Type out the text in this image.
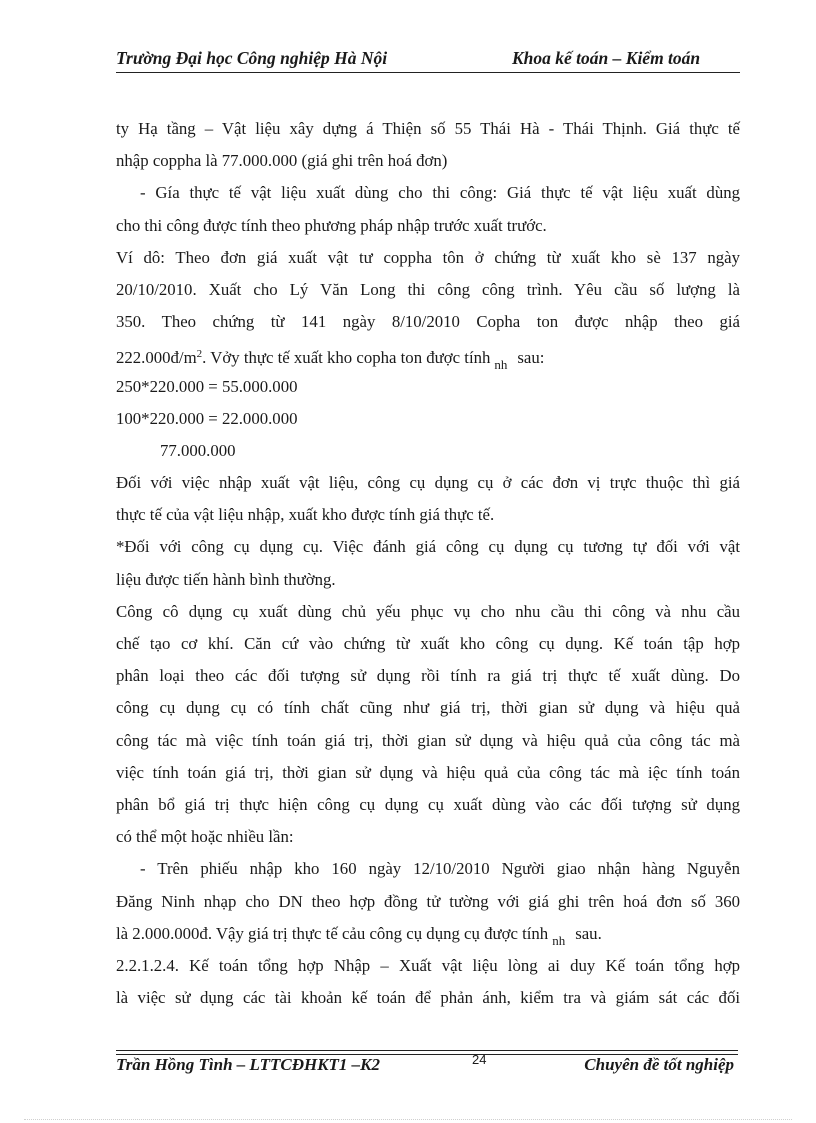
Trường Đại học Công nghiệp Hà Nội	Khoa kế toán – Kiểm toán
ty Hạ tầng – Vật liệu xây dựng á Thiện số 55 Thái Hà - Thái Thịnh. Giá thực tế
nhập coppha là 77.000.000 (giá ghi trên hoá đơn)
- Gía thực tế vật liệu xuất dùng cho thi công: Giá thực tế vật liệu xuất dùng
cho thi công được tính theo phương pháp nhập trước xuất trước.
Ví dô: Theo đơn giá xuất vật tư coppha tôn ở chứng từ xuất kho sè 137 ngày
20/10/2010. Xuất cho Lý Văn Long thi công công trình. Yêu cầu số lượng là
350. Theo chứng từ 141 ngày 8/10/2010 Copha ton được nhập theo giá
$222.000đ/m^2$. Vởy thực tế xuất kho copha ton được tính $_{nh}$ sau:
250*220.000 = 55.000.000
100*220.000 = 22.000.000
77.000.000
Đối với việc nhập xuất vật liệu, công cụ dụng cụ ở các đơn vị trực thuộc thì giá
thực tế của vật liệu nhập, xuất kho được tính giá thực tế.
*Đối với công cụ dụng cụ. Việc đánh giá công cụ dụng cụ tương tự đối với vật
liệu được tiến hành bình thường.
Công cô dụng cụ xuất dùng chủ yếu phục vụ cho nhu cầu thi công và nhu cầu
chế tạo cơ khí. Căn cứ vào chứng từ xuất kho công cụ dụng. Kế toán tập hợp
phân loại theo các đối tượng sử dụng rồi tính ra giá trị thực tế xuất dùng. Do
công cụ dụng cụ có tính chất cũng như giá trị, thời gian sử dụng và hiệu quả
công tác mà việc tính toán giá trị, thời gian sử dụng và hiệu quả của công tác mà
việc tính toán giá trị, thời gian sử dụng và hiệu quả của công tác mà iệc tính toán
phân bổ giá trị thực hiện công cụ dụng cụ xuất dùng vào các đối tượng sử dụng
có thể một hoặc nhiều lần:
- Trên phiếu nhập kho 160 ngày 12/10/2010 Người giao nhận hàng Nguyễn
Đăng Ninh nhạp cho DN theo hợp đồng tử tường với giá ghi trên hoá đơn số 360
là 2.000.000đ. Vậy giá trị thực tế cảu công cụ dụng cụ được tính $_{nh}$ sau.
2.2.1.2.4. Kế toán tổng hợp Nhập – Xuất vật liệu lòng ai duy Kế toán tổng hợp
là việc sử dụng các tài khoản kế toán để phản ánh, kiểm tra và giám sát các đối
Trần Hồng Tình – LTTCĐHKT1 –K2	24	Chuyên đề tốt nghiệp
